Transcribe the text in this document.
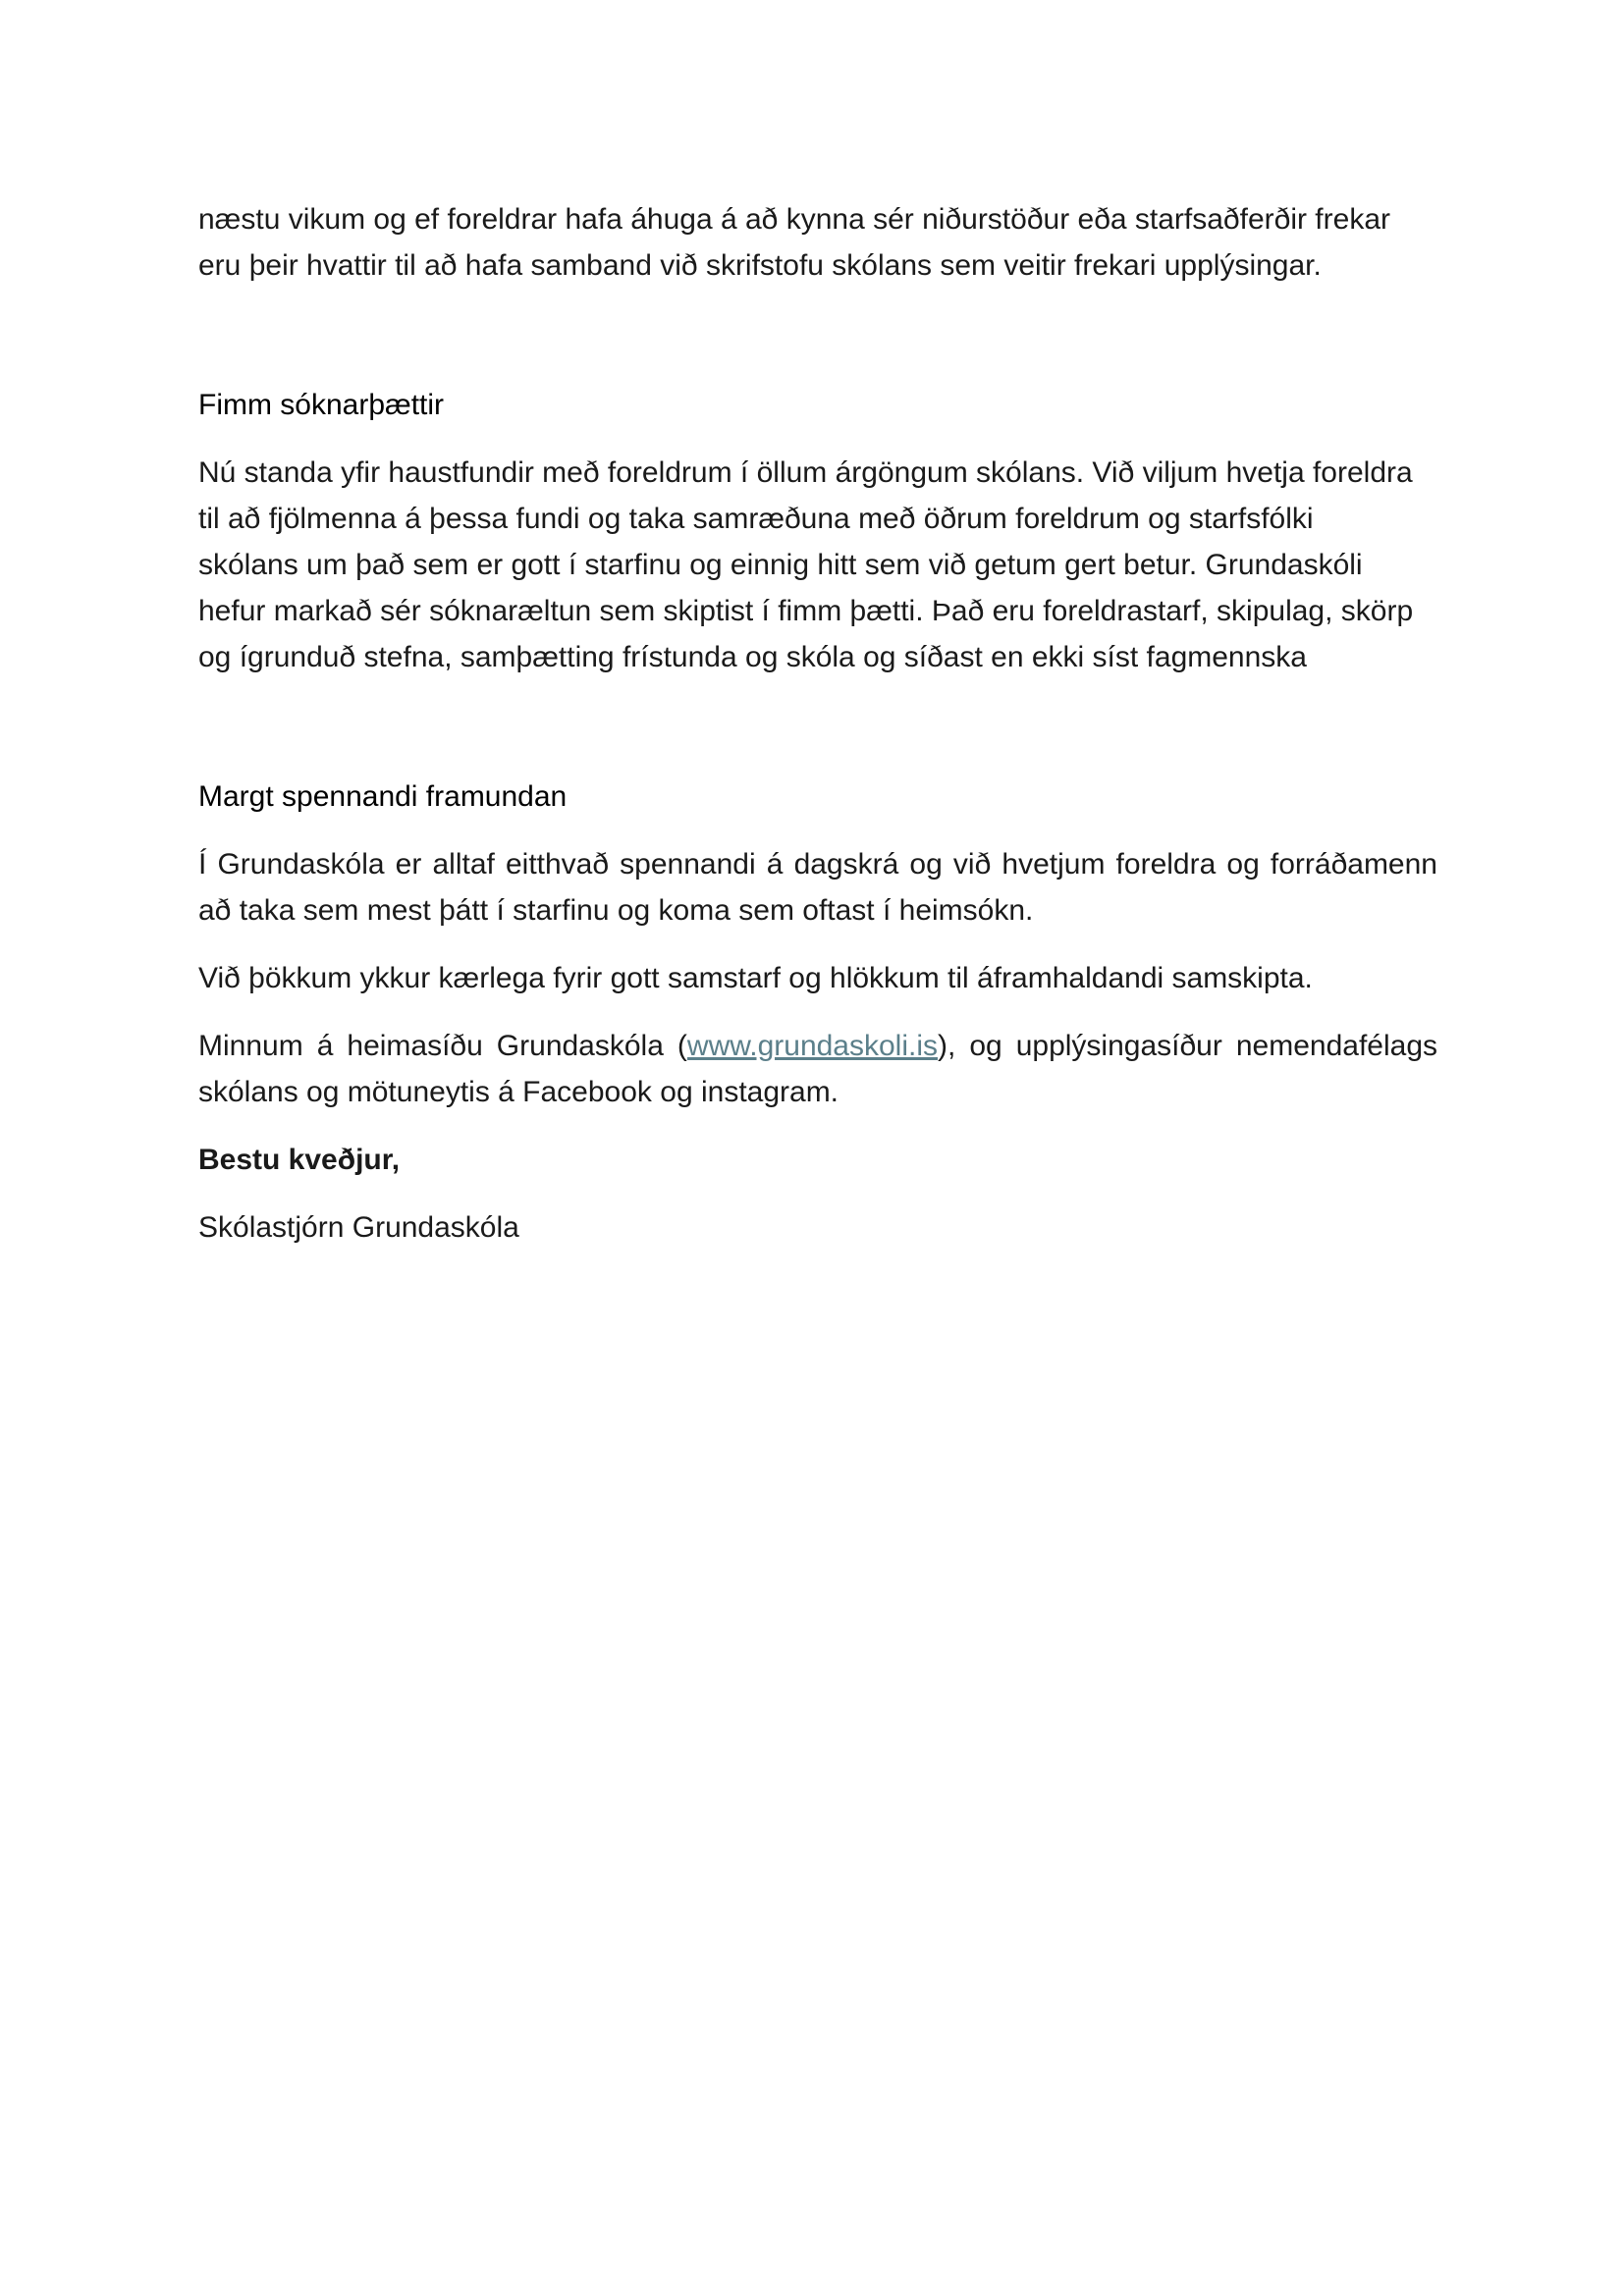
næstu vikum og ef foreldrar hafa áhuga á að kynna sér niðurstöður eða starfsaðferðir frekar

eru þeir hvattir til að hafa samband við skrifstofu skólans sem veitir frekari upplýsingar.

Fimm sóknarþættir

Nú standa yfir haustfundir með foreldrum í öllum árgöngum skólans. Við viljum hvetja foreldra til að fjölmenna á þessa fundi og taka samræðuna með öðrum foreldrum og starfsfólki skólans um það sem er gott í starfinu og einnig hitt sem við getum gert betur. Grundaskóli hefur markað sér sóknaræltun sem skiptist í fimm þætti. Það eru foreldrastarf, skipulag, skörp og ígrunduð stefna, samþætting frístunda og skóla og síðast en ekki síst fagmennska

Margt spennandi framundan

Í Grundaskóla er alltaf eitthvað spennandi á dagskrá og við hvetjum foreldra og forráðamenn að taka sem mest þátt í starfinu og koma sem oftast í heimsókn.

Við þökkum ykkur kærlega fyrir gott samstarf og hlökkum til áframhaldandi samskipta.

Minnum á heimasíðu Grundaskóla (www.grundaskoli.is), og upplýsingasíður nemendafélags skólans og mötuneytis á Facebook og instagram.

Bestu kveðjur,

Skólastjórn Grundaskóla
